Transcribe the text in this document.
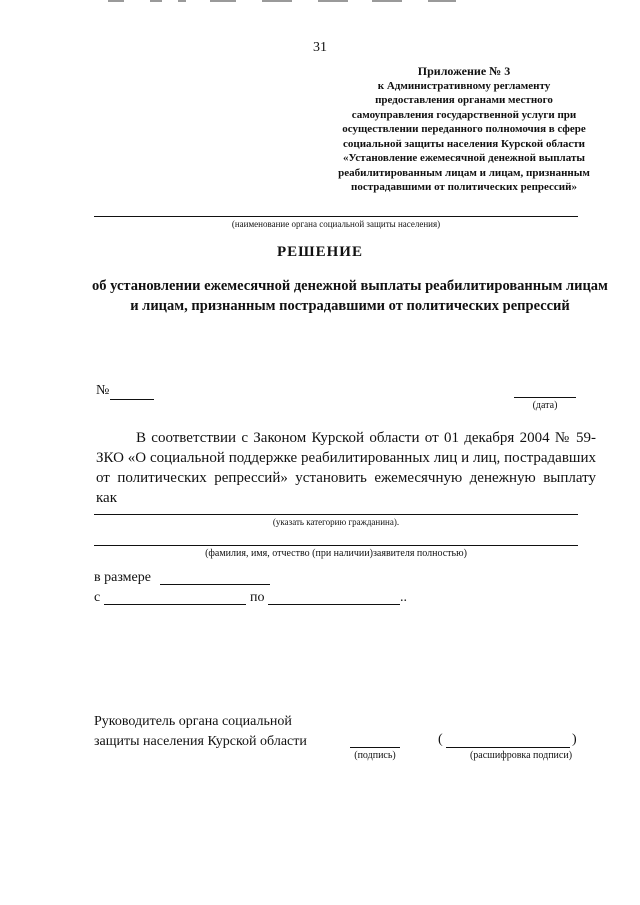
31
Приложение № 3
к Административному регламенту
предоставления органами местного
самоуправления государственной услуги при
осуществлении переданного полномочия в сфере
социальной защиты населения Курской области
«Установление ежемесячной денежной выплаты
реабилитированным лицам и лицам, признанным
пострадавшими от политических репрессий»
(наименование органа социальной защиты населения)
РЕШЕНИЕ
об установлении ежемесячной денежной выплаты реабилитированным лицам и лицам, признанным пострадавшими от политических репрессий
№
(дата)
В соответствии с Законом Курской области от 01 декабря 2004 № 59-ЗКО «О социальной поддержке реабилитированных лиц и лиц, пострадавших от политических репрессий» установить ежемесячную денежную выплату как
(указать категорию гражданина).
(фамилия, имя, отчество (при наличии)заявителя полностью)
в размере
с	по	..
Руководитель органа социальной
защиты населения Курской области
(подпись)
(	)
(расшифровка подписи)
